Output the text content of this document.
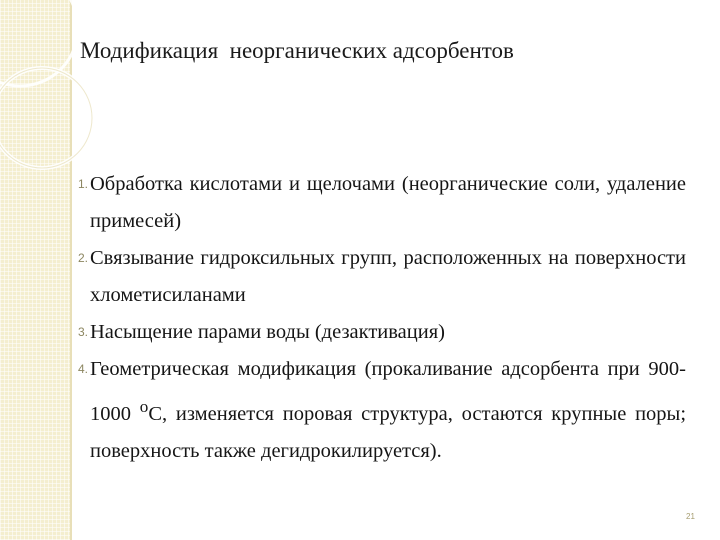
Модификация  неорганических адсорбентов
1. Обработка кислотами и щелочами (неорганические соли, удаление примесей)
2. Связывание гидроксильных групп, расположенных на поверхности хлометисиланами
3. Насыщение парами воды (дезактивация)
4. Геометрическая модификация (прокаливание адсорбента при 900-1000 $^о$С, изменяется поровая структура, остаются крупные поры; поверхность также дегидрокилируется).
21
